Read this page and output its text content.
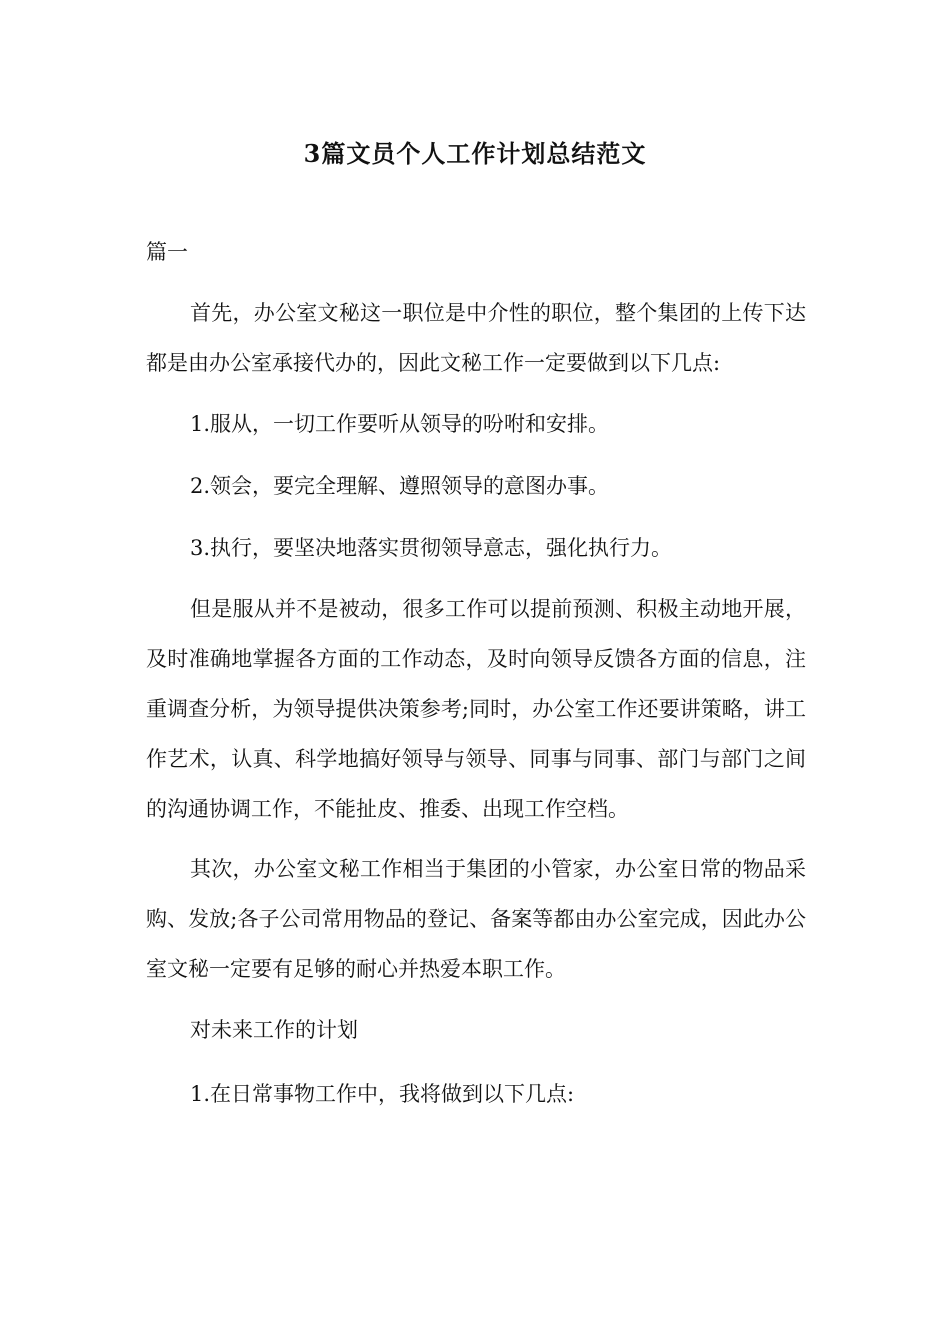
3篇文员个人工作计划总结范文

篇一

首先，办公室文秘这一职位是中介性的职位，整个集团的上传下达都是由办公室承接代办的，因此文秘工作一定要做到以下几点:

1.服从，一切工作要听从领导的吩咐和安排。

2.领会，要完全理解、遵照领导的意图办事。

3.执行，要坚决地落实贯彻领导意志，强化执行力。

但是服从并不是被动，很多工作可以提前预测、积极主动地开展，及时准确地掌握各方面的工作动态，及时向领导反馈各方面的信息，注重调查分析，为领导提供决策参考;同时，办公室工作还要讲策略，讲工作艺术，认真、科学地搞好领导与领导、同事与同事、部门与部门之间的沟通协调工作，不能扯皮、推委、出现工作空档。

其次，办公室文秘工作相当于集团的小管家，办公室日常的物品采购、发放;各子公司常用物品的登记、备案等都由办公室完成，因此办公室文秘一定要有足够的耐心并热爱本职工作。

对未来工作的计划

1.在日常事物工作中，我将做到以下几点:
